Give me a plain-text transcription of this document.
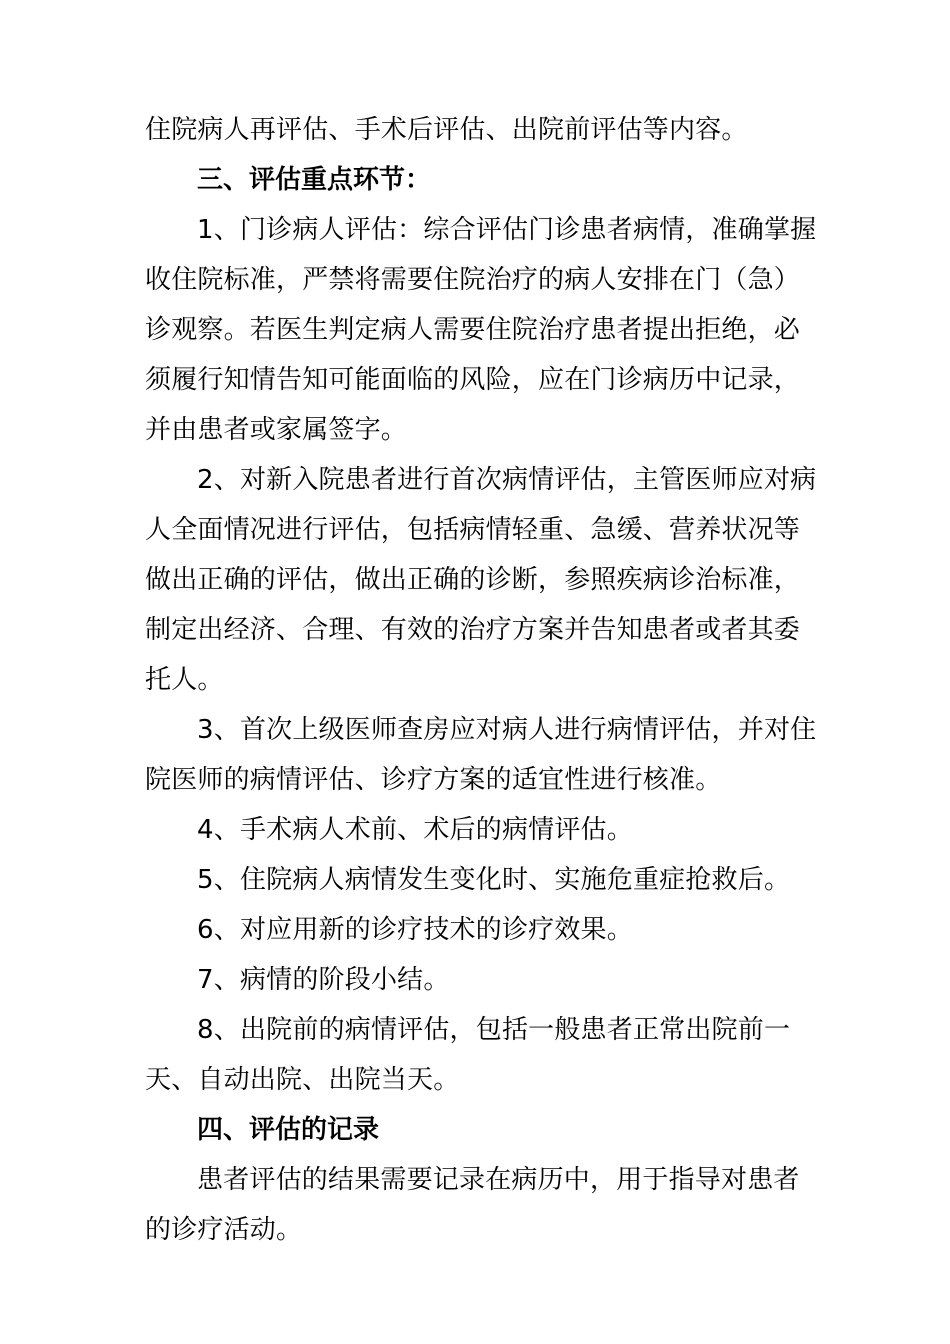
住院病人再评估、手术后评估、出院前评估等内容。

三、评估重点环节：

1、门诊病人评估：综合评估门诊患者病情，准确掌握收住院标准，严禁将需要住院治疗的病人安排在门（急）诊观察。若医生判定病人需要住院治疗患者提出拒绝，必须履行知情告知可能面临的风险，应在门诊病历中记录，并由患者或家属签字。

2、对新入院患者进行首次病情评估，主管医师应对病人全面情况进行评估，包括病情轻重、急缓、营养状况等做出正确的评估，做出正确的诊断，参照疾病诊治标准，制定出经济、合理、有效的治疗方案并告知患者或者其委托人。

3、首次上级医师查房应对病人进行病情评估，并对住院医师的病情评估、诊疗方案的适宜性进行核准。

4、手术病人术前、术后的病情评估。

5、住院病人病情发生变化时、实施危重症抢救后。

6、对应用新的诊疗技术的诊疗效果。

7、病情的阶段小结。

8、出院前的病情评估，包括一般患者正常出院前一天、自动出院、出院当天。

四、评估的记录

患者评估的结果需要记录在病历中，用于指导对患者的诊疗活动。
